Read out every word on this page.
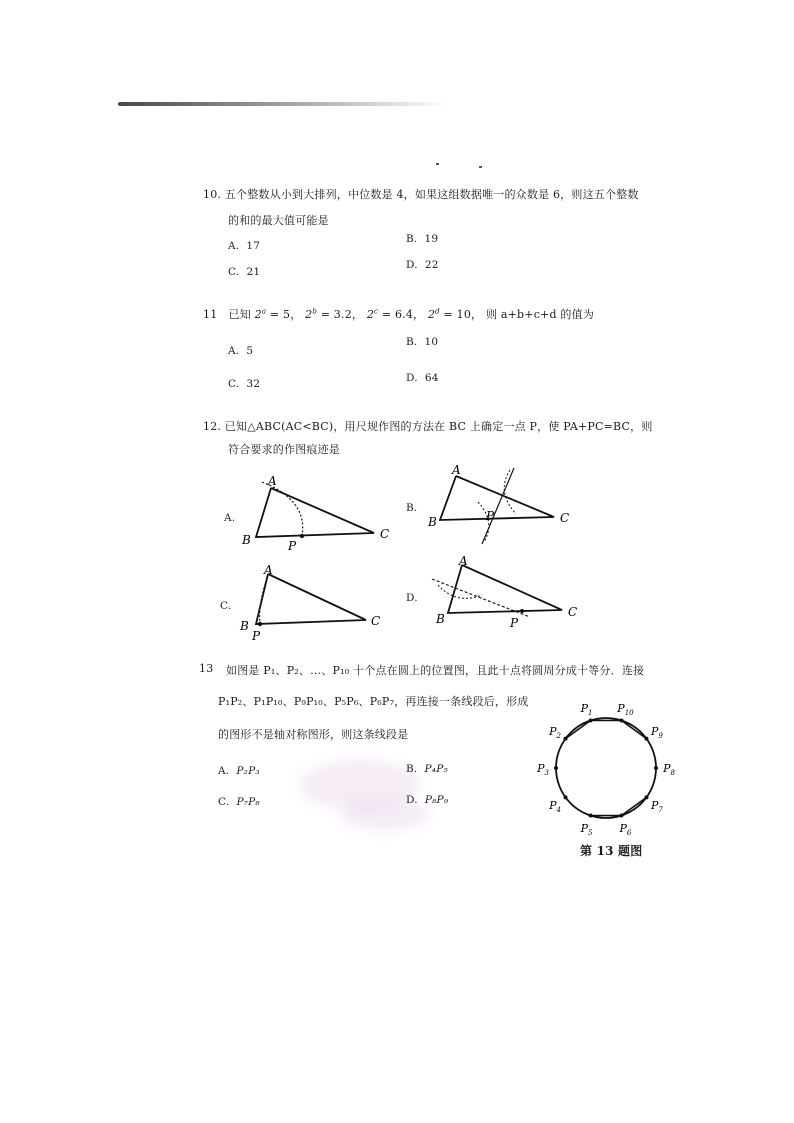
10. 五个整数从小到大排列，中位数是 4，如果这组数据唯一的众数是 6，则这五个整数
的和的最大值可能是
A. 17
B. 19
C. 21
D. 22
11 已知 $2^a = 5$， $2^b = 3.2$， $2^c = 6.4$， $2^d = 10$， 则 a+b+c+d 的值为
A. 5
B. 10
C. 32	D. 64
12. 已知△ABC(AC<BC)，用尺规作图的方法在 BC 上确定一点 P，使 PA+PC=BC，则
符合要求的作图痕迹是
A.
B.
C.
D.
A
B	C
P
A
B	C
P
A
B	C
P
A
B	C
P
13 如图是 P₁、P₂、…、P₁₀ 十个点在圆上的位置图，且此十点将圆周分成十等分．连接
P₁P₂、P₁P₁₀、P₉P₁₀、P₅P₆、P₆P₇，再连接一条线段后，形成
的图形不是轴对称图形，则这条线段是
A. P₂P₃	B. P₄P₅
C. P₇P₈	D. P₈P₉
$P_1$ $P_{10}$
$P_9$
$P_8$
$P_7$
$P_6$
$P_5$
$P_4$
$P_3$
$P_2$
第 13 题图
